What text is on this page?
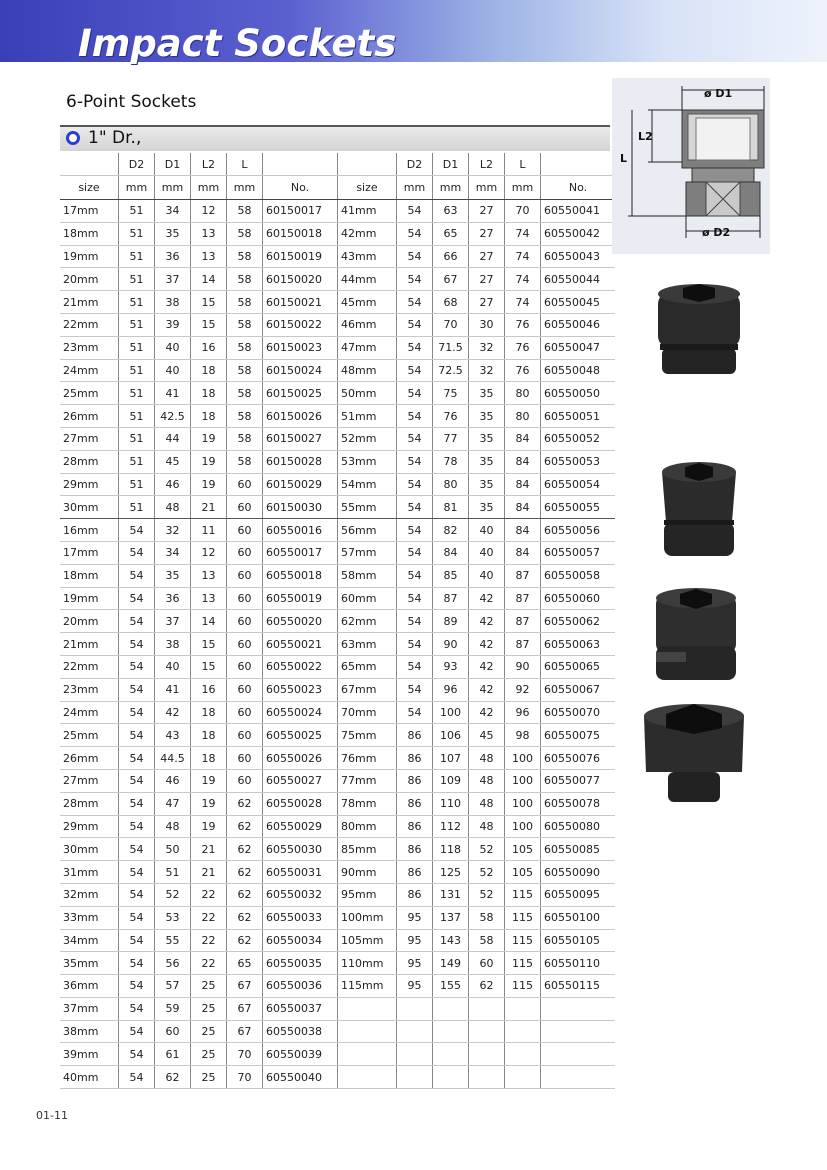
Impact Sockets
6-Point Sockets
1" Dr.,
	D2	D1	L2	L			D2	D1	L2	L	
size	mm	mm	mm	mm	No.	size	mm	mm	mm	mm	No.
17mm	51	34	12	58	60150017	41mm	54	63	27	70	60550041
18mm	51	35	13	58	60150018	42mm	54	65	27	74	60550042
19mm	51	36	13	58	60150019	43mm	54	66	27	74	60550043
20mm	51	37	14	58	60150020	44mm	54	67	27	74	60550044
21mm	51	38	15	58	60150021	45mm	54	68	27	74	60550045
22mm	51	39	15	58	60150022	46mm	54	70	30	76	60550046
23mm	51	40	16	58	60150023	47mm	54	71.5	32	76	60550047
24mm	51	40	18	58	60150024	48mm	54	72.5	32	76	60550048
25mm	51	41	18	58	60150025	50mm	54	75	35	80	60550050
26mm	51	42.5	18	58	60150026	51mm	54	76	35	80	60550051
27mm	51	44	19	58	60150027	52mm	54	77	35	84	60550052
28mm	51	45	19	58	60150028	53mm	54	78	35	84	60550053
29mm	51	46	19	60	60150029	54mm	54	80	35	84	60550054
30mm	51	48	21	60	60150030	55mm	54	81	35	84	60550055
16mm	54	32	11	60	60550016	56mm	54	82	40	84	60550056
17mm	54	34	12	60	60550017	57mm	54	84	40	84	60550057
18mm	54	35	13	60	60550018	58mm	54	85	40	87	60550058
19mm	54	36	13	60	60550019	60mm	54	87	42	87	60550060
20mm	54	37	14	60	60550020	62mm	54	89	42	87	60550062
21mm	54	38	15	60	60550021	63mm	54	90	42	87	60550063
22mm	54	40	15	60	60550022	65mm	54	93	42	90	60550065
23mm	54	41	16	60	60550023	67mm	54	96	42	92	60550067
24mm	54	42	18	60	60550024	70mm	54	100	42	96	60550070
25mm	54	43	18	60	60550025	75mm	86	106	45	98	60550075
26mm	54	44.5	18	60	60550026	76mm	86	107	48	100	60550076
27mm	54	46	19	60	60550027	77mm	86	109	48	100	60550077
28mm	54	47	19	62	60550028	78mm	86	110	48	100	60550078
29mm	54	48	19	62	60550029	80mm	86	112	48	100	60550080
30mm	54	50	21	62	60550030	85mm	86	118	52	105	60550085
31mm	54	51	21	62	60550031	90mm	86	125	52	105	60550090
32mm	54	52	22	62	60550032	95mm	86	131	52	115	60550095
33mm	54	53	22	62	60550033	100mm	95	137	58	115	60550100
34mm	54	55	22	62	60550034	105mm	95	143	58	115	60550105
35mm	54	56	22	65	60550035	110mm	95	149	60	115	60550110
36mm	54	57	25	67	60550036	115mm	95	155	62	115	60550115
37mm	54	59	25	67	60550037						
38mm	54	60	25	67	60550038						
39mm	54	61	25	70	60550039						
40mm	54	62	25	70	60550040						
ø D1
ø D2
L2
L
01-11
